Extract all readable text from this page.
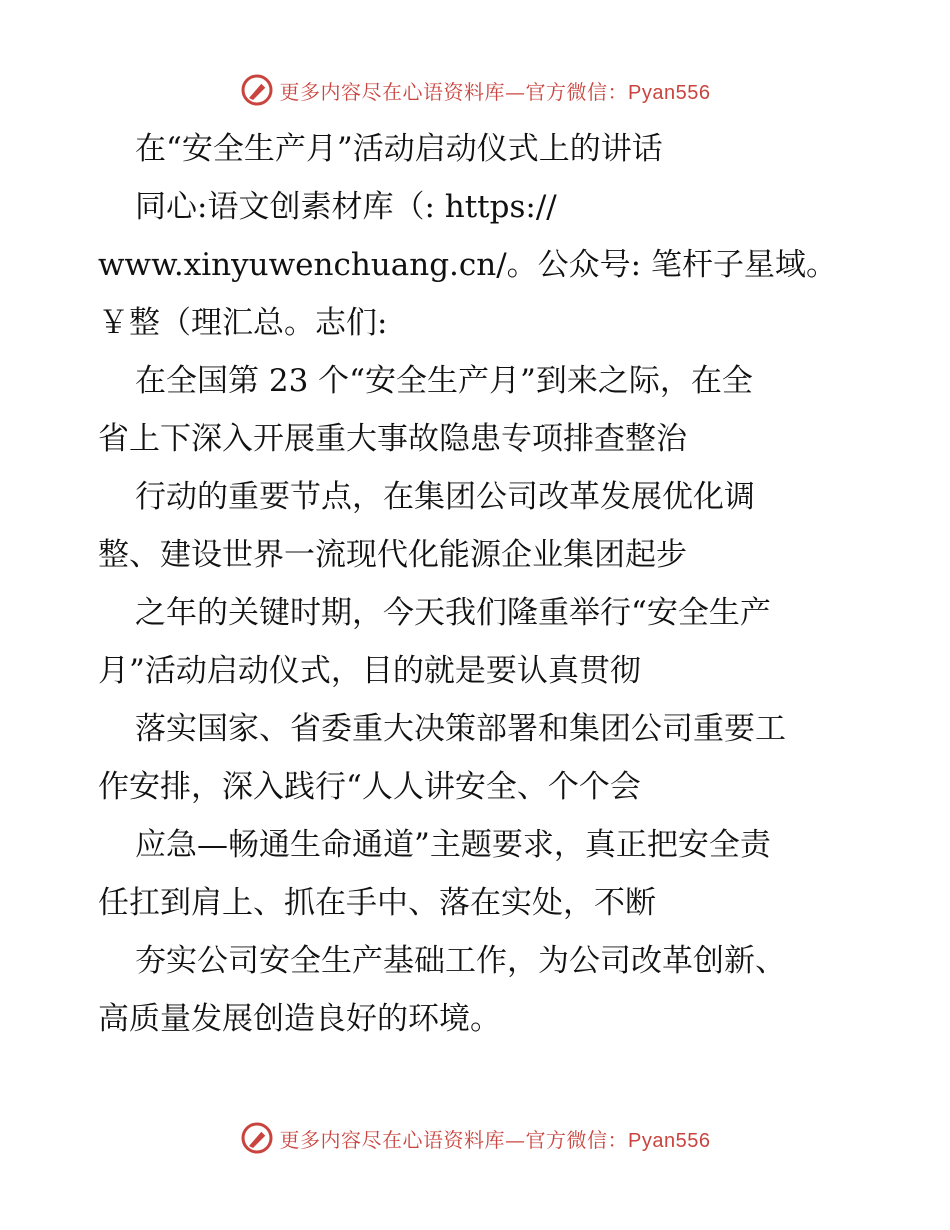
更多内容尽在心语资料库—官方微信：Pyan556
在“安全生产月”活动启动仪式上的讲话
同心:语文创素材库（: https://
www.xinyuwenchuang.cn/。公众号: 笔杆子星域。
￥整（理汇总。志们:
在全国第 23 个“安全生产月”到来之际，在全
省上下深入开展重大事故隐患专项排查整治
行动的重要节点，在集团公司改革发展优化调
整、建设世界一流现代化能源企业集团起步
之年的关键时期，今天我们隆重举行“安全生产
月”活动启动仪式，目的就是要认真贯彻
落实国家、省委重大决策部署和集团公司重要工
作安排，深入践行“人人讲安全、个个会
应急—畅通生命通道”主题要求，真正把安全责
任扛到肩上、抓在手中、落在实处，不断
夯实公司安全生产基础工作，为公司改革创新、
高质量发展创造良好的环境。
更多内容尽在心语资料库—官方微信：Pyan556
